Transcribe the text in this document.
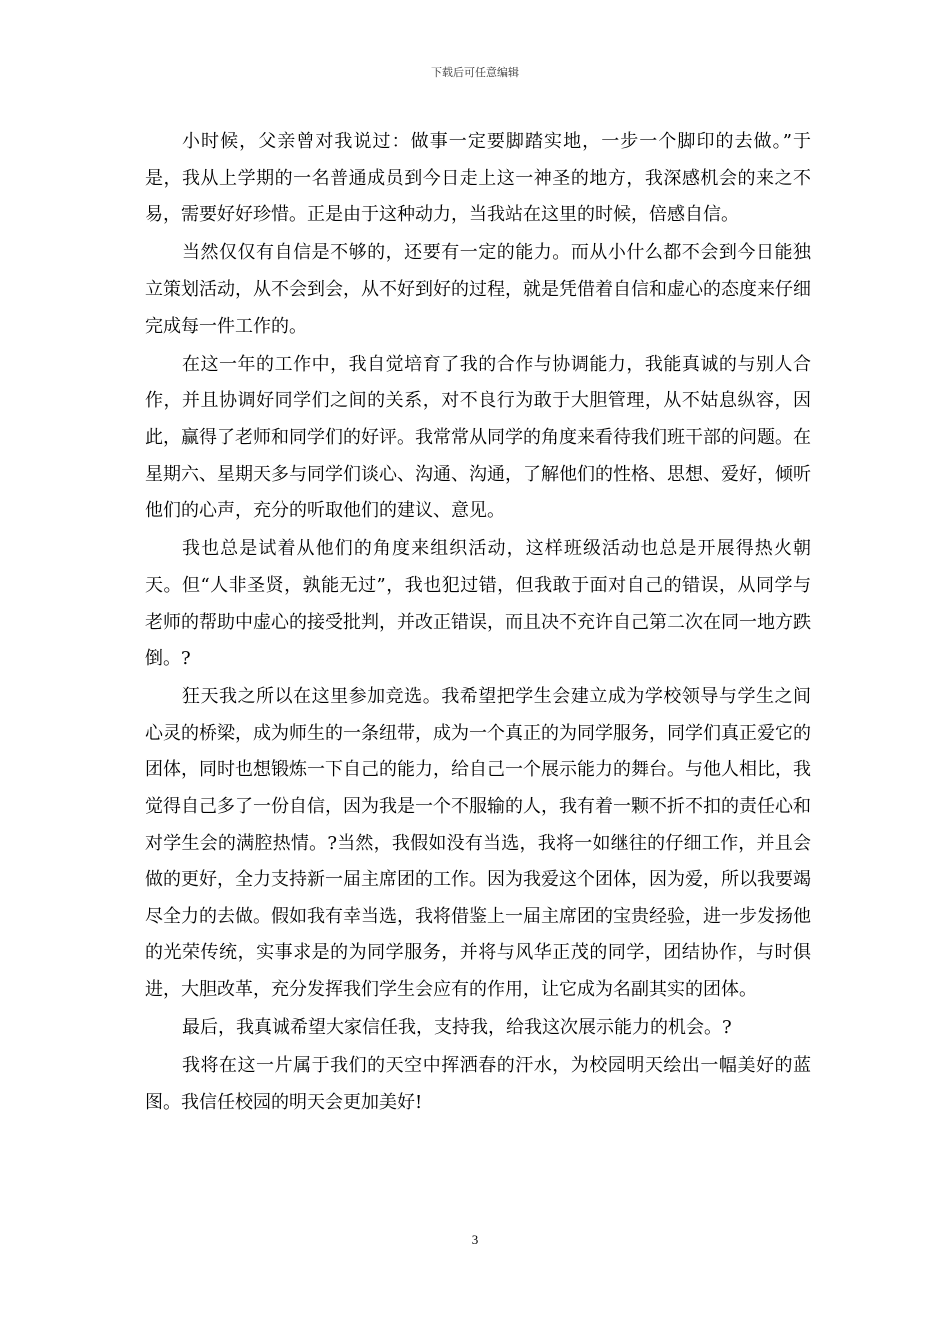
下载后可任意编辑

小时候，父亲曾对我说过：做事一定要脚踏实地，一步一个脚印的去做。”于是，我从上学期的一名普通成员到今日走上这一神圣的地方，我深感机会的来之不易，需要好好珍惜。正是由于这种动力，当我站在这里的时候，倍感自信。

当然仅仅有自信是不够的，还要有一定的能力。而从小什么都不会到今日能独立策划活动，从不会到会，从不好到好的过程，就是凭借着自信和虚心的态度来仔细完成每一件工作的。

在这一年的工作中，我自觉培育了我的合作与协调能力，我能真诚的与别人合作，并且协调好同学们之间的关系，对不良行为敢于大胆管理，从不姑息纵容，因此，赢得了老师和同学们的好评。我常常从同学的角度来看待我们班干部的问题。在星期六、星期天多与同学们谈心、沟通、沟通，了解他们的性格、思想、爱好，倾听他们的心声，充分的听取他们的建议、意见。

我也总是试着从他们的角度来组织活动，这样班级活动也总是开展得热火朝天。但“人非圣贤，孰能无过”，我也犯过错，但我敢于面对自己的错误，从同学与老师的帮助中虚心的接受批判，并改正错误，而且决不充许自己第二次在同一地方跌倒。?

狂天我之所以在这里参加竞选。我希望把学生会建立成为学校领导与学生之间心灵的桥梁，成为师生的一条纽带，成为一个真正的为同学服务，同学们真正爱它的团体，同时也想锻炼一下自己的能力，给自己一个展示能力的舞台。与他人相比，我觉得自己多了一份自信，因为我是一个不服输的人，我有着一颗不折不扣的责任心和对学生会的满腔热情。?当然，我假如没有当选，我将一如继往的仔细工作，并且会做的更好，全力支持新一届主席团的工作。因为我爱这个团体，因为爱，所以我要竭尽全力的去做。假如我有幸当选，我将借鉴上一届主席团的宝贵经验，进一步发扬他的光荣传统，实事求是的为同学服务，并将与风华正茂的同学，团结协作，与时俱进，大胆改革，充分发挥我们学生会应有的作用，让它成为名副其实的团体。

最后，我真诚希望大家信任我，支持我，给我这次展示能力的机会。?

我将在这一片属于我们的天空中挥洒春的汗水，为校园明天绘出一幅美好的蓝图。我信任校园的明天会更加美好!

3
